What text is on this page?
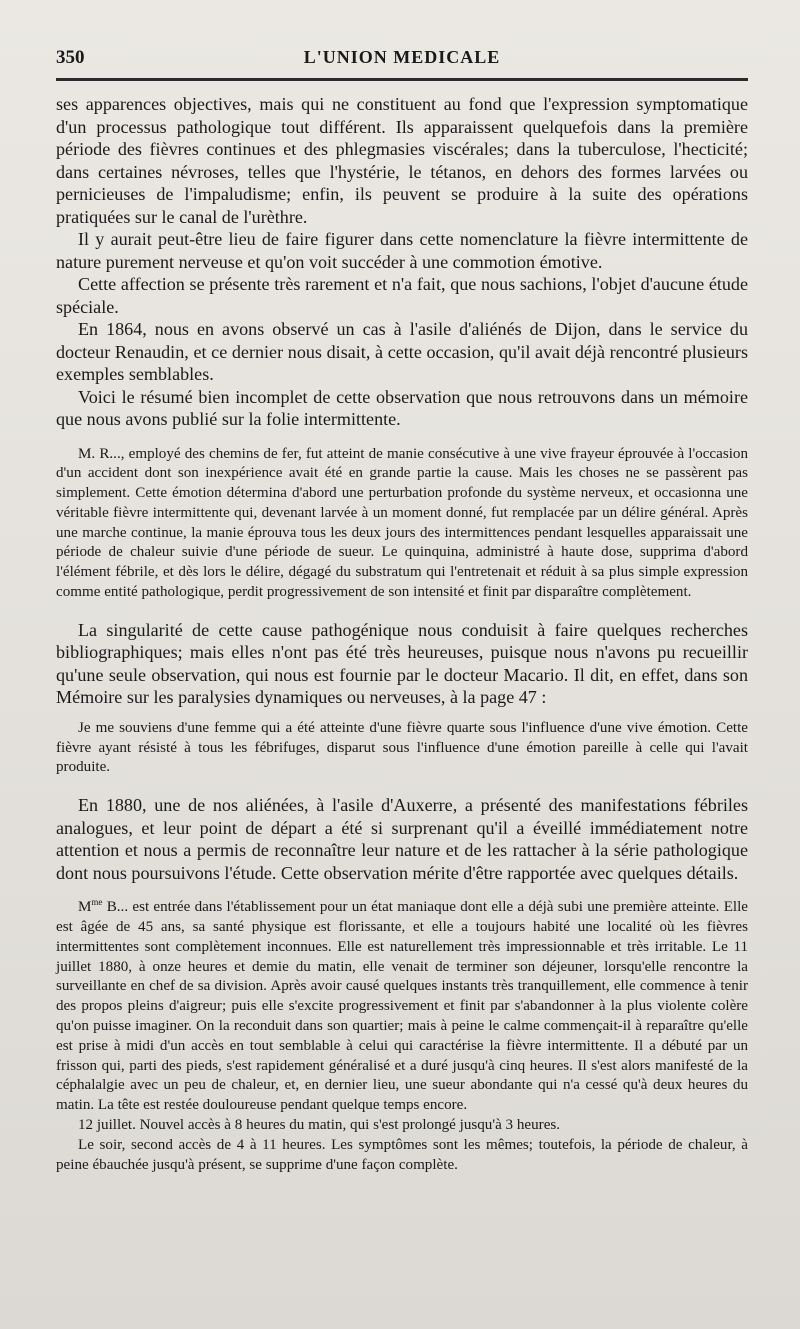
350	L'UNION MEDICALE

ses apparences objectives, mais qui ne constituent au fond que l'expression symptomatique d'un processus pathologique tout différent. Ils apparaissent quelquefois dans la première période des fièvres continues et des phlegmasies viscérales; dans la tuberculose, l'hecticité; dans certaines névroses, telles que l'hystérie, le tétanos, en dehors des formes larvées ou pernicieuses de l'impaludisme; enfin, ils peuvent se produire à la suite des opérations pratiquées sur le canal de l'urèthre.

Il y aurait peut-être lieu de faire figurer dans cette nomenclature la fièvre intermittente de nature purement nerveuse et qu'on voit succéder à une commotion émotive.

Cette affection se présente très rarement et n'a fait, que nous sachions, l'objet d'aucune étude spéciale.

En 1864, nous en avons observé un cas à l'asile d'aliénés de Dijon, dans le service du docteur Renaudin, et ce dernier nous disait, à cette occasion, qu'il avait déjà rencontré plusieurs exemples semblables.

Voici le résumé bien incomplet de cette observation que nous retrouvons dans un mémoire que nous avons publié sur la folie intermittente.

M. R..., employé des chemins de fer, fut atteint de manie consécutive à une vive frayeur éprouvée à l'occasion d'un accident dont son inexpérience avait été en grande partie la cause. Mais les choses ne se passèrent pas simplement. Cette émotion détermina d'abord une perturbation profonde du système nerveux, et occasionna une véritable fièvre intermittente qui, devenant larvée à un moment donné, fut remplacée par un délire général. Après une marche continue, la manie éprouva tous les deux jours des intermittences pendant lesquelles apparaissait une période de chaleur suivie d'une période de sueur. Le quinquina, administré à haute dose, supprima d'abord l'élément fébrile, et dès lors le délire, dégagé du substratum qui l'entretenait et réduit à sa plus simple expression comme entité pathologique, perdit progressivement de son intensité et finit par disparaître complètement.

La singularité de cette cause pathogénique nous conduisit à faire quelques recherches bibliographiques; mais elles n'ont pas été très heureuses, puisque nous n'avons pu recueillir qu'une seule observation, qui nous est fournie par le docteur Macario. Il dit, en effet, dans son Mémoire sur les paralysies dynamiques ou nerveuses, à la page 47 :

Je me souviens d'une femme qui a été atteinte d'une fièvre quarte sous l'influence d'une vive émotion. Cette fièvre ayant résisté à tous les fébrifuges, disparut sous l'influence d'une émotion pareille à celle qui l'avait produite.

En 1880, une de nos aliénées, à l'asile d'Auxerre, a présenté des manifestations fébriles analogues, et leur point de départ a été si surprenant qu'il a éveillé immédiatement notre attention et nous a permis de reconnaître leur nature et de les rattacher à la série pathologique dont nous poursuivons l'étude. Cette observation mérite d'être rapportée avec quelques détails.

$M^{me}$ B... est entrée dans l'établissement pour un état maniaque dont elle a déjà subi une première atteinte. Elle est âgée de 45 ans, sa santé physique est florissante, et elle a toujours habité une localité où les fièvres intermittentes sont complètement inconnues. Elle est naturellement très impressionnable et très irritable. Le 11 juillet 1880, à onze heures et demie du matin, elle venait de terminer son déjeuner, lorsqu'elle rencontre la surveillante en chef de sa division. Après avoir causé quelques instants très tranquillement, elle commence à tenir des propos pleins d'aigreur; puis elle s'excite progressivement et finit par s'abandonner à la plus violente colère qu'on puisse imaginer. On la reconduit dans son quartier; mais à peine le calme commençait-il à reparaître qu'elle est prise à midi d'un accès en tout semblable à celui qui caractérise la fièvre intermittente. Il a débuté par un frisson qui, parti des pieds, s'est rapidement généralisé et a duré jusqu'à cinq heures. Il s'est alors manifesté de la céphalalgie avec un peu de chaleur, et, en dernier lieu, une sueur abondante qui n'a cessé qu'à deux heures du matin. La tête est restée douloureuse pendant quelque temps encore.

12 juillet. Nouvel accès à 8 heures du matin, qui s'est prolongé jusqu'à 3 heures.

Le soir, second accès de 4 à 11 heures. Les symptômes sont les mêmes; toutefois, la période de chaleur, à peine ébauchée jusqu'à présent, se supprime d'une façon complète.
